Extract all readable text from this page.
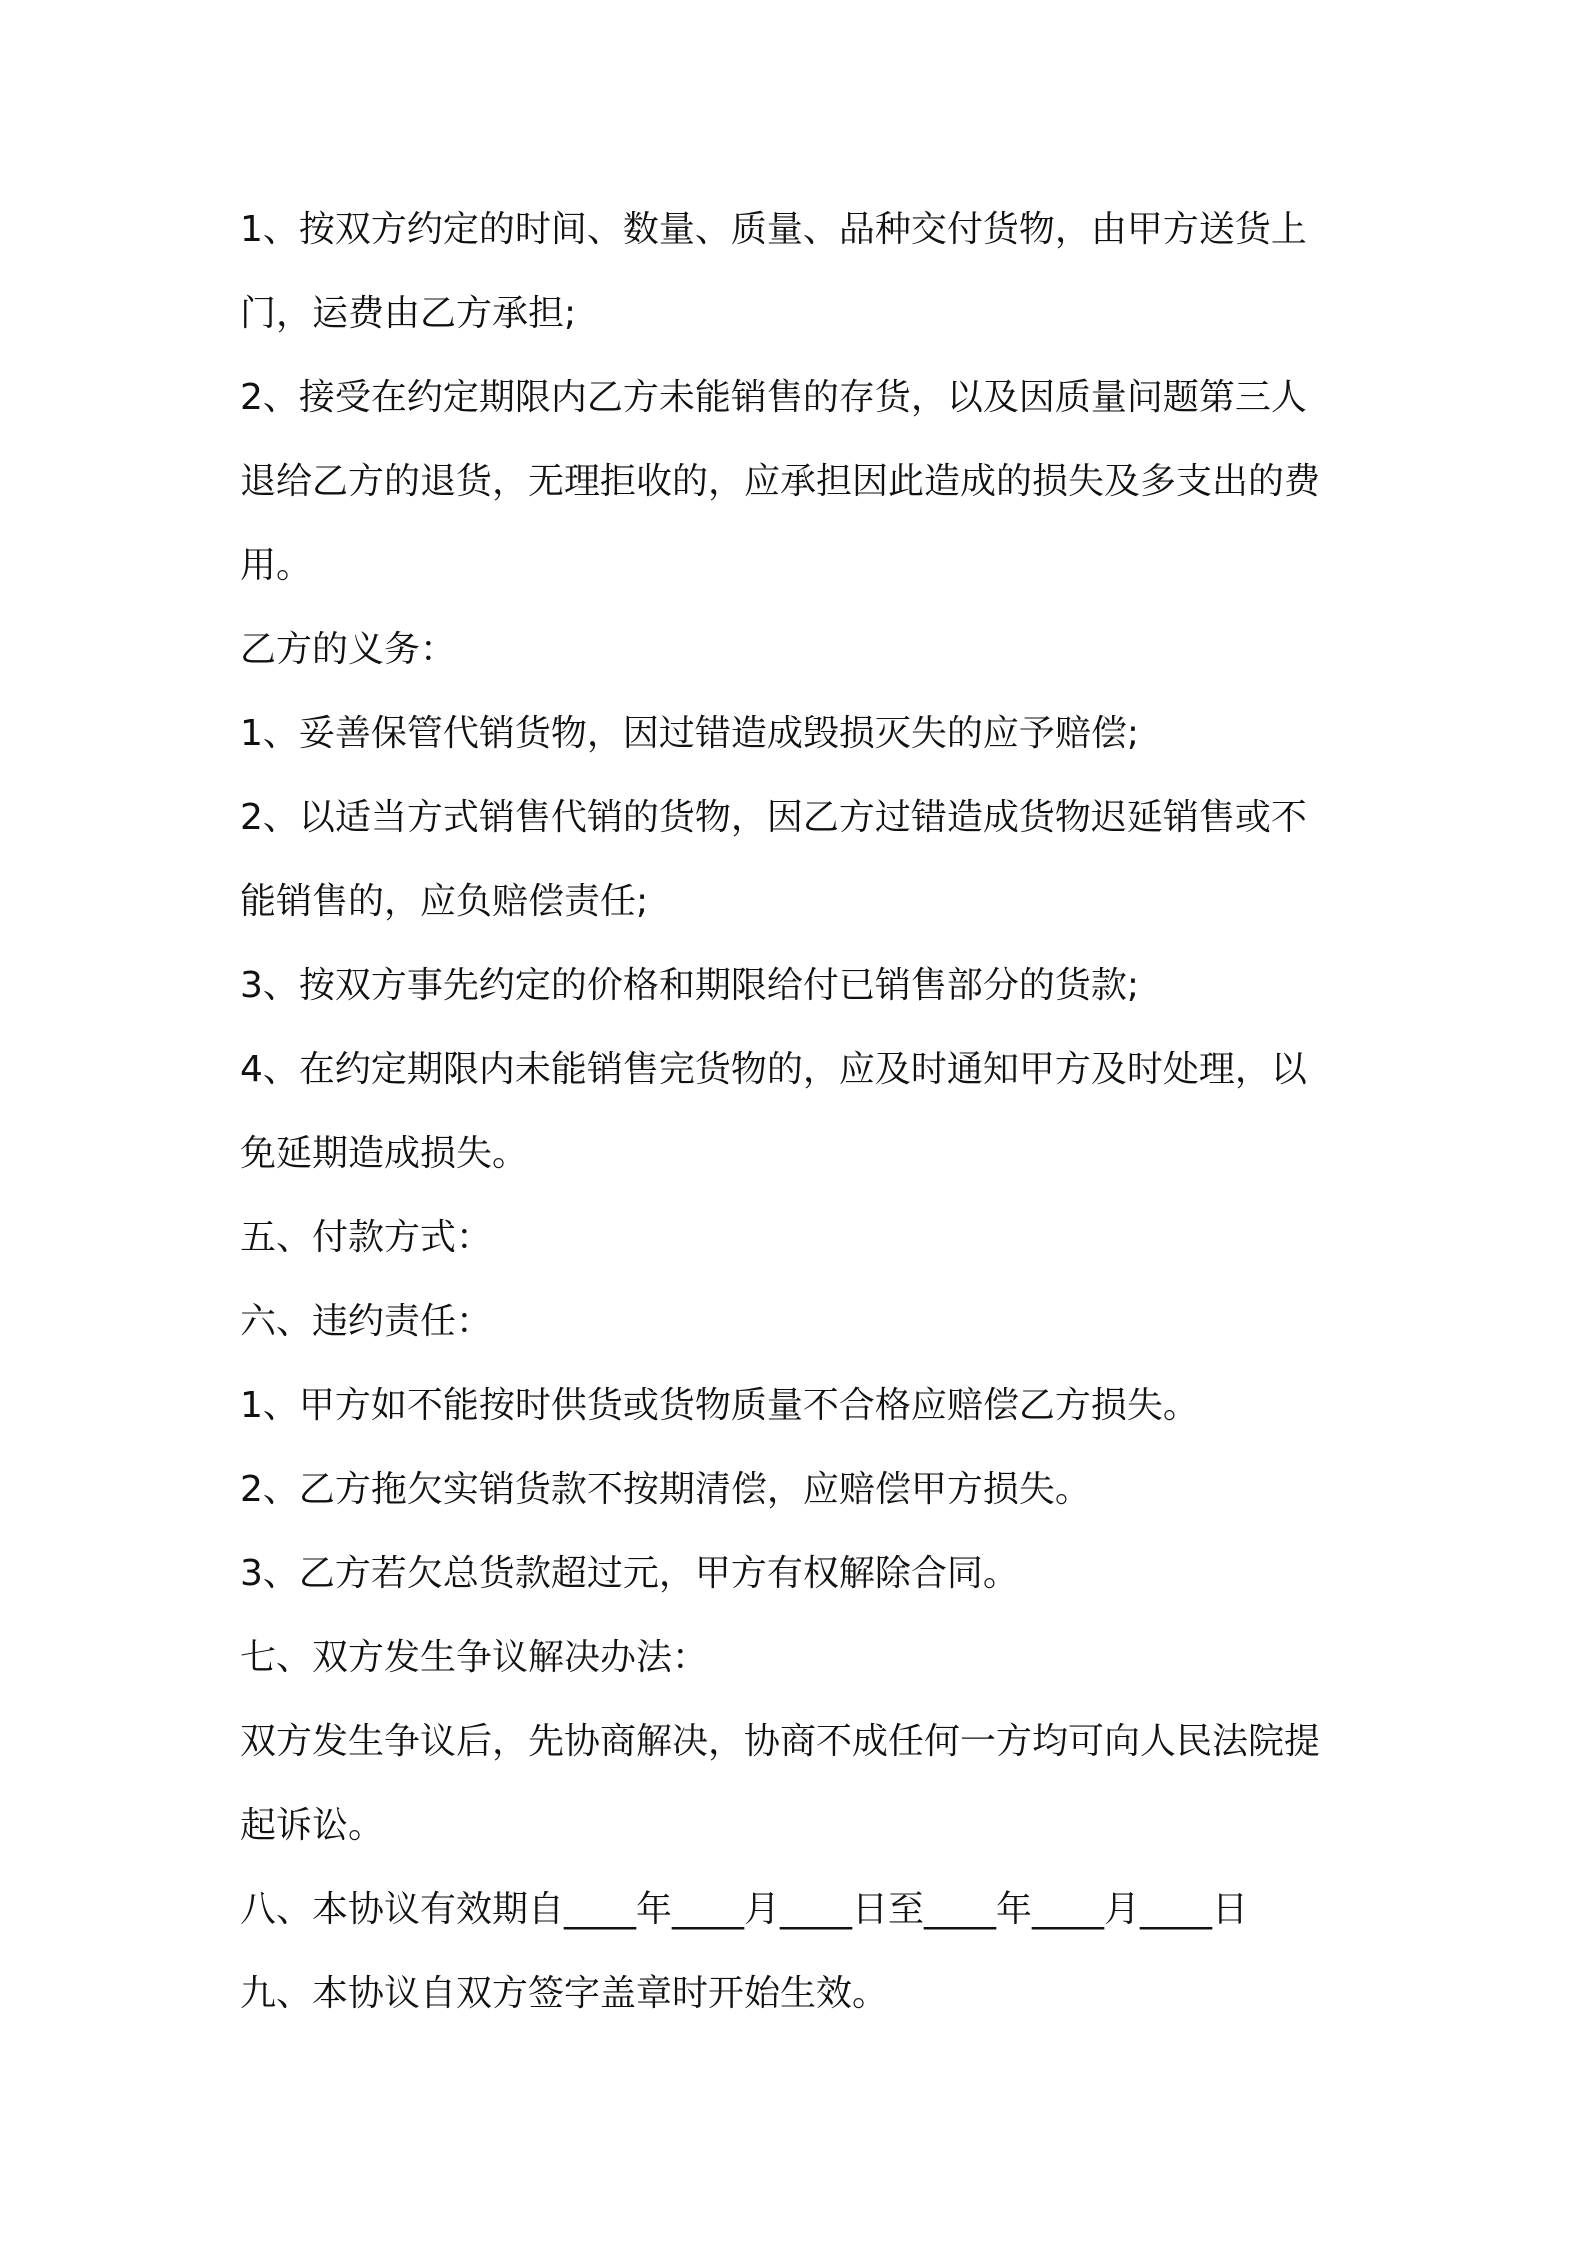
1、按双方约定的时间、数量、质量、品种交付货物，由甲方送货上
门，运费由乙方承担;
2、接受在约定期限内乙方未能销售的存货，以及因质量问题第三人
退给乙方的退货，无理拒收的，应承担因此造成的损失及多支出的费
用。
乙方的义务：
1、妥善保管代销货物，因过错造成毁损灭失的应予赔偿;
2、以适当方式销售代销的货物，因乙方过错造成货物迟延销售或不
能销售的，应负赔偿责任;
3、按双方事先约定的价格和期限给付已销售部分的货款;
4、在约定期限内未能销售完货物的，应及时通知甲方及时处理，以
免延期造成损失。
五、付款方式：
六、违约责任：
1、甲方如不能按时供货或货物质量不合格应赔偿乙方损失。
2、乙方拖欠实销货款不按期清偿，应赔偿甲方损失。
3、乙方若欠总货款超过元，甲方有权解除合同。
七、双方发生争议解决办法：
双方发生争议后，先协商解决，协商不成任何一方均可向人民法院提
起诉讼。
八、本协议有效期自____年____月____日至____年____月____日
九、本协议自双方签字盖章时开始生效。
